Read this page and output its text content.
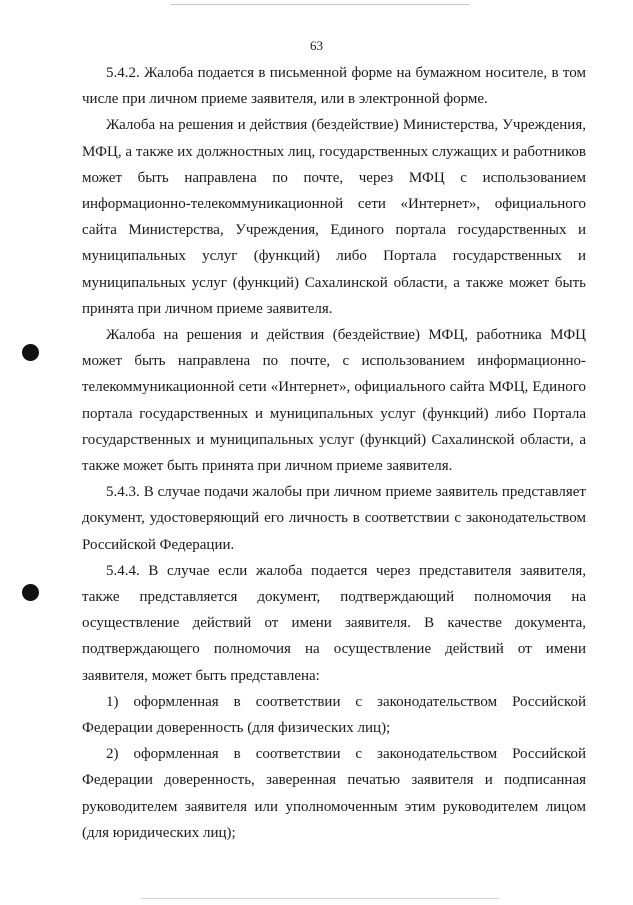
63

5.4.2. Жалоба подается в письменной форме на бумажном носителе, в том числе при личном приеме заявителя, или в электронной форме.

Жалоба на решения и действия (бездействие) Министерства, Учреждения, МФЦ, а также их должностных лиц, государственных служащих и работников может быть направлена по почте, через МФЦ с использованием информационно-телекоммуникационной сети «Интернет», официального сайта Министерства, Учреждения, Единого портала государственных и муниципальных услуг (функций) либо Портала государственных и муниципальных услуг (функций) Сахалинской области, а также может быть принята при личном приеме заявителя.

Жалоба на решения и действия (бездействие) МФЦ, работника МФЦ может быть направлена по почте, с использованием информационно-телекоммуникационной сети «Интернет», официального сайта МФЦ, Единого портала государственных и муниципальных услуг (функций) либо Портала государственных и муниципальных услуг (функций) Сахалинской области, а также может быть принята при личном приеме заявителя.

5.4.3. В случае подачи жалобы при личном приеме заявитель представляет документ, удостоверяющий его личность в соответствии с законодательством Российской Федерации.

5.4.4. В случае если жалоба подается через представителя заявителя, также представляется документ, подтверждающий полномочия на осуществление действий от имени заявителя. В качестве документа, подтверждающего полномочия на осуществление действий от имени заявителя, может быть представлена:

1) оформленная в соответствии с законодательством Российской Федерации доверенность (для физических лиц);

2) оформленная в соответствии с законодательством Российской Федерации доверенность, заверенная печатью заявителя и подписанная руководителем заявителя или уполномоченным этим руководителем лицом (для юридических лиц);
